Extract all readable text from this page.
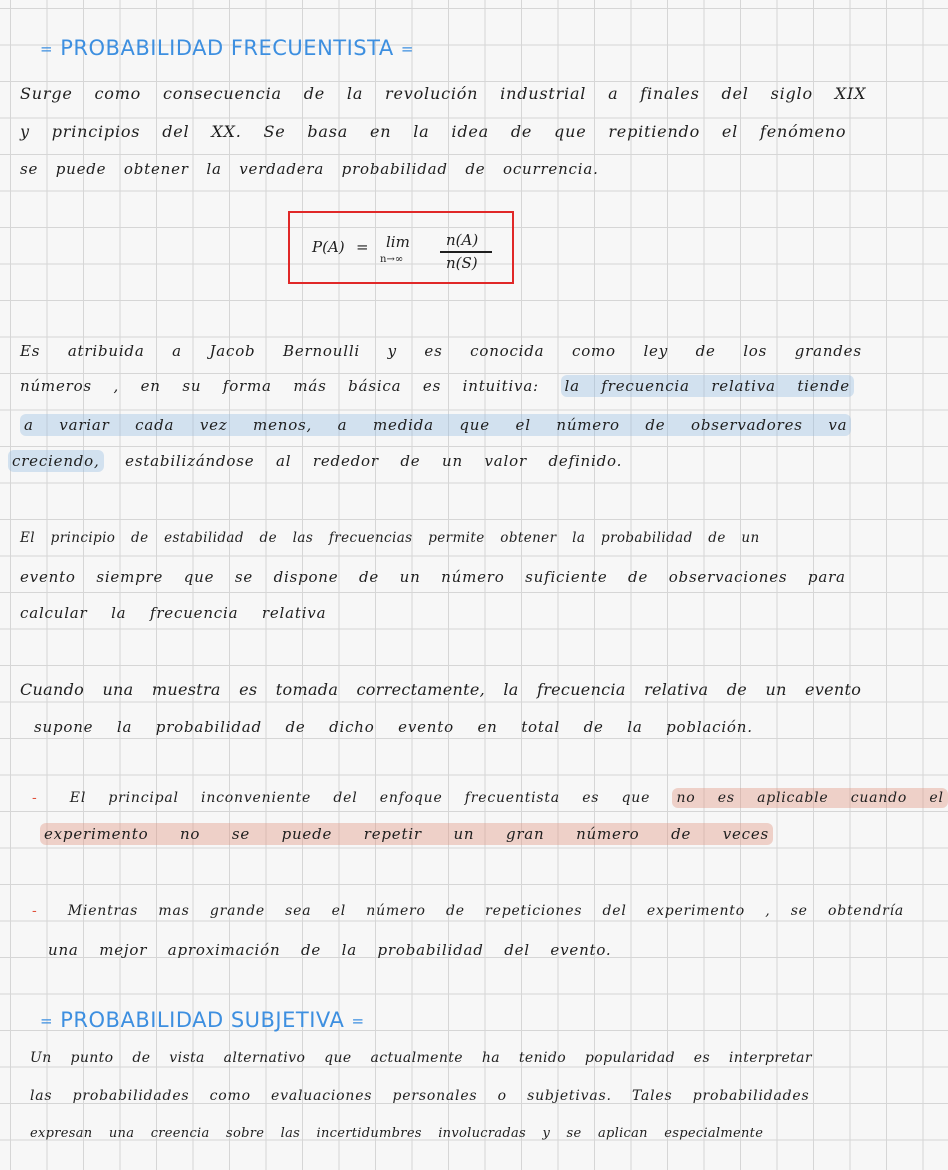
= PROBABILIDAD FRECUENTISTA =
Surge como consecuencia de la revolución industrial a finales del siglo XIX
y principios del XX. Se basa en la idea de que repitiendo el fenómeno
se puede obtener la verdadera probabilidad de ocurrencia.
P(A) = lim
n→∞
n(A)
n(S)
Es atribuida a Jacob Bernoulli y es conocida como ley de los grandes
números , en su forma más básica es intuitiva: la frecuencia relativa tiende
a variar cada vez menos, a medida que el número de observadores va
creciendo, estabilizándose al rededor de un valor definido.
El principio de estabilidad de las frecuencias permite obtener la probabilidad de un
evento siempre que se dispone de un número suficiente de observaciones para
calcular la frecuencia relativa
Cuando una muestra es tomada correctamente, la frecuencia relativa de un evento
supone la probabilidad de dicho evento en total de la población.
- El principal inconveniente del enfoque frecuentista es que no es aplicable cuando el
experimento no se puede repetir un gran número de veces
- Mientras mas grande sea el número de repeticiones del experimento , se obtendría
una mejor aproximación de la probabilidad del evento.
= PROBABILIDAD SUBJETIVA =
Un punto de vista alternativo que actualmente ha tenido popularidad es interpretar
las probabilidades como evaluaciones personales o subjetivas. Tales probabilidades
expresan una creencia sobre las incertidumbres involucradas y se aplican especialmente
